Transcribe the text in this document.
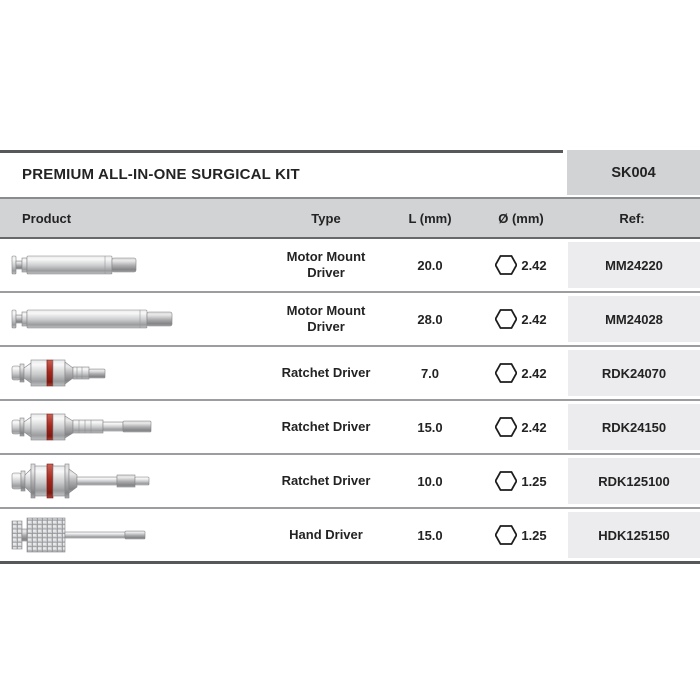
PREMIUM ALL-IN-ONE SURGICAL KIT	SK004
Product	Type	L (mm)	Ø (mm)	Ref:
Motor Mount Driver	20.0	2.42	MM24220
Motor Mount Driver	28.0	2.42	MM24028
Ratchet Driver	7.0	2.42	RDK24070
Ratchet Driver	15.0	2.42	RDK24150
Ratchet Driver	10.0	1.25	RDK125100
Hand Driver	15.0	1.25	HDK125150
